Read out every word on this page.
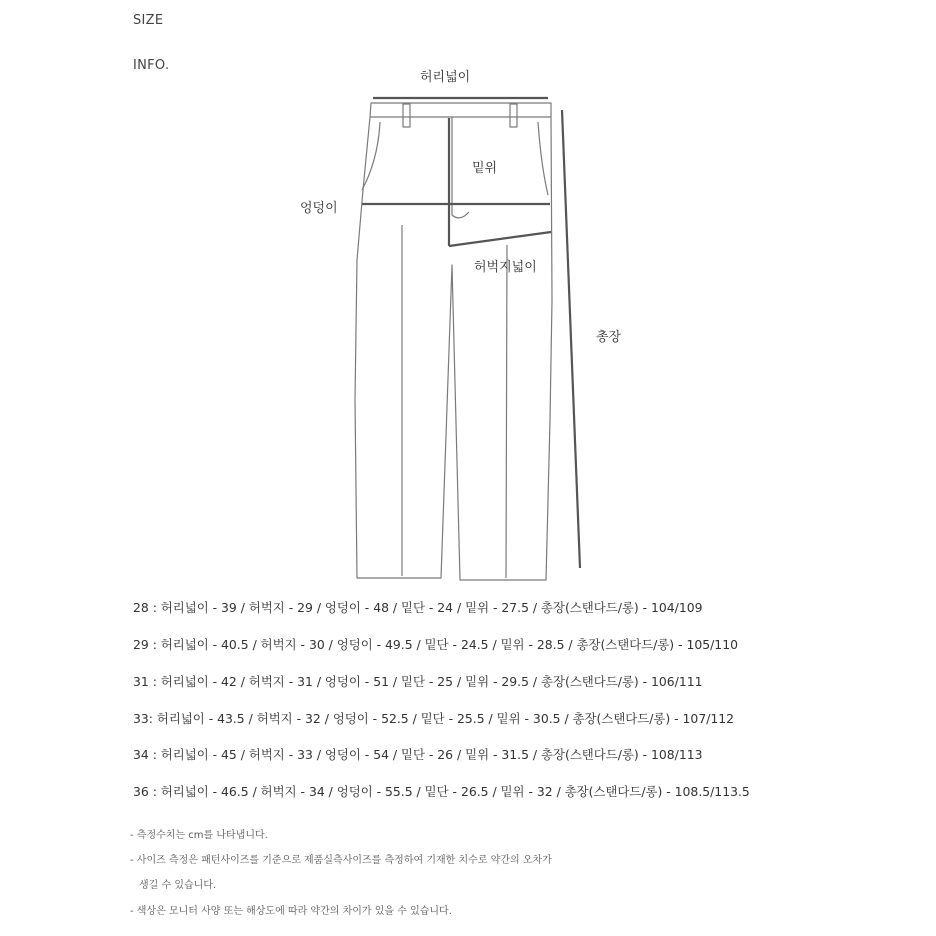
SIZE
INFO.
허리넓이
밑위
엉덩이
허벅지넓이
총장
28 : 허리넓이 - 39 / 허벅지 - 29 / 엉덩이 - 48 / 밑단 - 24 / 밑위 - 27.5 / 총장(스탠다드/롱) - 104/109
29 : 허리넓이 - 40.5 / 허벅지 - 30 / 엉덩이 - 49.5 / 밑단 - 24.5 / 밑위 - 28.5 / 총장(스탠다드/롱) - 105/110
31 : 허리넓이 - 42 / 허벅지 - 31 / 엉덩이 - 51 / 밑단 - 25 / 밑위 - 29.5 / 총장(스탠다드/롱) - 106/111
33: 허리넓이 - 43.5 / 허벅지 - 32 / 엉덩이 - 52.5 / 밑단 - 25.5 / 밑위 - 30.5 / 총장(스탠다드/롱) - 107/112
34 : 허리넓이 - 45 / 허벅지 - 33 / 엉덩이 - 54 / 밑단 - 26 / 밑위 - 31.5 / 총장(스탠다드/롱) - 108/113
36 : 허리넓이 - 46.5 / 허벅지 - 34 / 엉덩이 - 55.5 / 밑단 - 26.5 / 밑위 - 32 / 총장(스탠다드/롱) - 108.5/113.5
- 측정수치는 cm를 나타냅니다.
- 사이즈 측정은 패턴사이즈를 기준으로 제품실측사이즈를 측정하여 기재한 치수로 약간의 오차가
생길 수 있습니다.
- 색상은 모니터 사양 또는 해상도에 따라 약간의 차이가 있을 수 있습니다.
